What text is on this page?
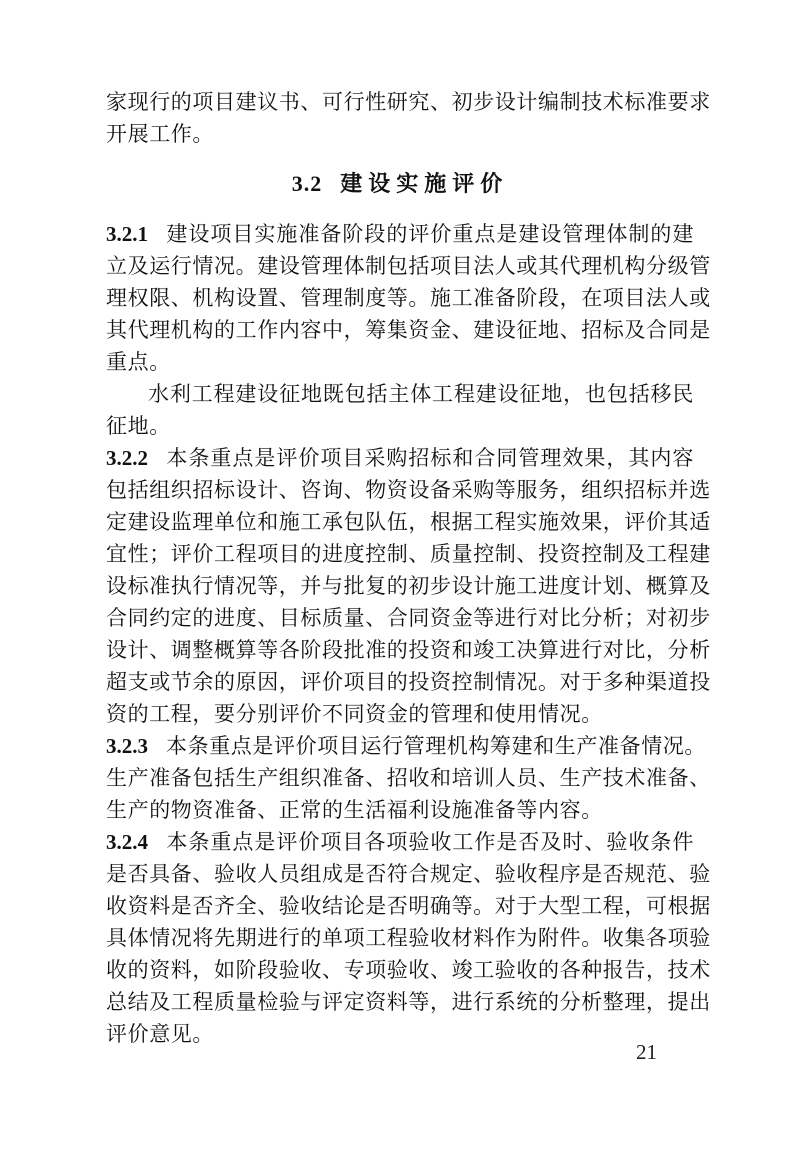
家现行的项目建议书、可行性研究、初步设计编制技术标准要求
开展工作。
3.2 建设实施评价
3.2.1 建设项目实施准备阶段的评价重点是建设管理体制的建
立及运行情况。建设管理体制包括项目法人或其代理机构分级管
理权限、机构设置、管理制度等。施工准备阶段，在项目法人或
其代理机构的工作内容中，筹集资金、建设征地、招标及合同是
重点。
水利工程建设征地既包括主体工程建设征地，也包括移民
征地。
3.2.2 本条重点是评价项目采购招标和合同管理效果，其内容
包括组织招标设计、咨询、物资设备采购等服务，组织招标并选
定建设监理单位和施工承包队伍，根据工程实施效果，评价其适
宜性；评价工程项目的进度控制、质量控制、投资控制及工程建
设标准执行情况等，并与批复的初步设计施工进度计划、概算及
合同约定的进度、目标质量、合同资金等进行对比分析；对初步
设计、调整概算等各阶段批准的投资和竣工决算进行对比，分析
超支或节余的原因，评价项目的投资控制情况。对于多种渠道投
资的工程，要分别评价不同资金的管理和使用情况。
3.2.3 本条重点是评价项目运行管理机构筹建和生产准备情况。
生产准备包括生产组织准备、招收和培训人员、生产技术准备、
生产的物资准备、正常的生活福利设施准备等内容。
3.2.4 本条重点是评价项目各项验收工作是否及时、验收条件
是否具备、验收人员组成是否符合规定、验收程序是否规范、验
收资料是否齐全、验收结论是否明确等。对于大型工程，可根据
具体情况将先期进行的单项工程验收材料作为附件。收集各项验
收的资料，如阶段验收、专项验收、竣工验收的各种报告，技术
总结及工程质量检验与评定资料等，进行系统的分析整理，提出
评价意见。
21
